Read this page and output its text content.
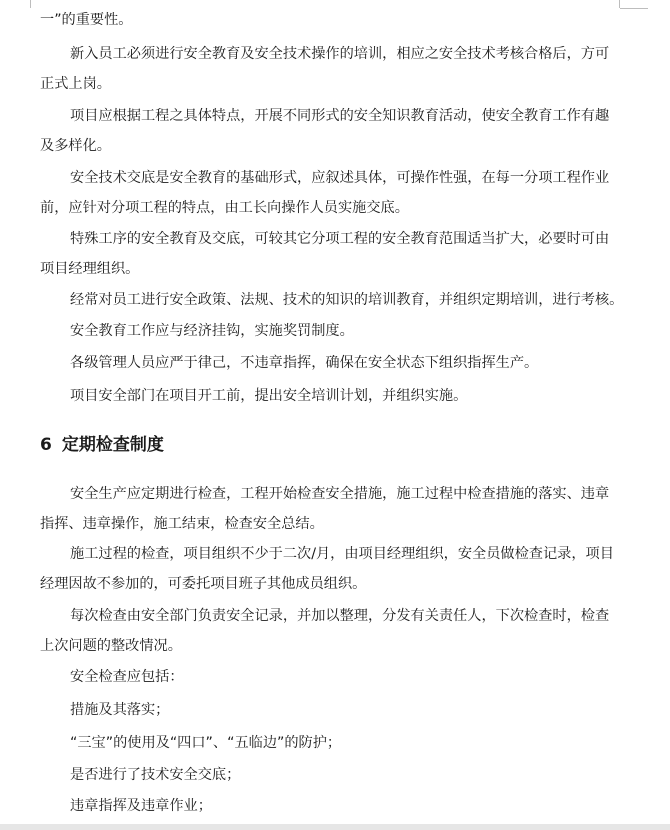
一”的重要性。

新入员工必须进行安全教育及安全技术操作的培训，相应之安全技术考核合格后，方可
正式上岗。

项目应根据工程之具体特点，开展不同形式的安全知识教育活动，使安全教育工作有趣
及多样化。

安全技术交底是安全教育的基础形式，应叙述具体，可操作性强，在每一分项工程作业
前，应针对分项工程的特点，由工长向操作人员实施交底。

特殊工序的安全教育及交底，可较其它分项工程的安全教育范围适当扩大，必要时可由
项目经理组织。

经常对员工进行安全政策、法规、技术的知识的培训教育，并组织定期培训，进行考核。

安全教育工作应与经济挂钩，实施奖罚制度。

各级管理人员应严于律己，不违章指挥，确保在安全状态下组织指挥生产。

项目安全部门在项目开工前，提出安全培训计划，并组织实施。

6 定期检查制度

安全生产应定期进行检查，工程开始检查安全措施，施工过程中检查措施的落实、违章
指挥、违章操作，施工结束，检查安全总结。

施工过程的检查，项目组织不少于二次/月，由项目经理组织，安全员做检查记录，项目
经理因故不参加的，可委托项目班子其他成员组织。

每次检查由安全部门负责安全记录，并加以整理，分发有关责任人，下次检查时，检查
上次问题的整改情况。

安全检查应包括：

措施及其落实；

“三宝”的使用及“四口”、“五临边”的防护；

是否进行了技术安全交底；

违章指挥及违章作业；
